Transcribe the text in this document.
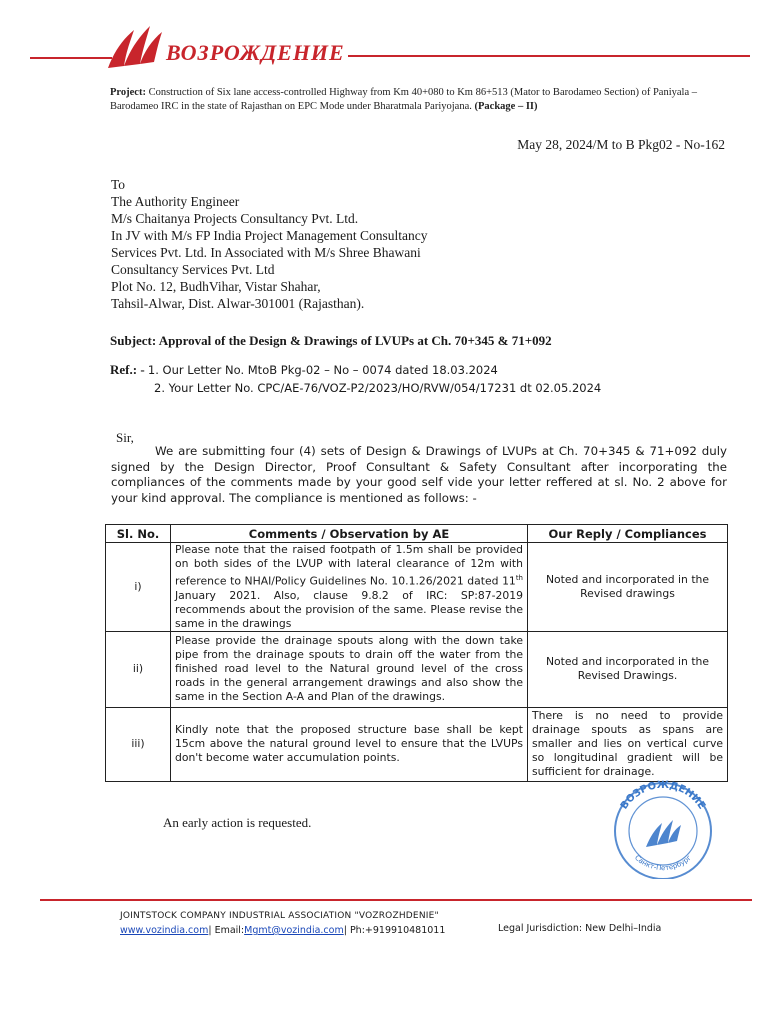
ВОЗРОЖДЕНИЕ
Project: Construction of Six lane access-controlled Highway from Km 40+080 to Km 86+513 (Mator to Barodameo Section) of Paniyala – Barodameo IRC in the state of Rajasthan on EPC Mode under Bharatmala Pariyojana. (Package – II)
May 28, 2024/M to B Pkg02 - No-162
To
The Authority Engineer
M/s Chaitanya Projects Consultancy Pvt. Ltd.
In JV with M/s FP India Project Management Consultancy
Services Pvt. Ltd. In Associated with M/s Shree Bhawani
Consultancy Services Pvt. Ltd
Plot No. 12, BudhVihar, Vistar Shahar,
Tahsil-Alwar, Dist. Alwar-301001 (Rajasthan).
Subject: Approval of the Design & Drawings of LVUPs at Ch. 70+345 & 71+092
Ref.: - 1. Our Letter No. MtoB Pkg-02 – No – 0074 dated 18.03.2024
2. Your Letter No. CPC/AE-76/VOZ-P2/2023/HO/RVW/054/17231 dt 02.05.2024
Sir,
We are submitting four (4) sets of Design & Drawings of LVUPs at Ch. 70+345 & 71+092 duly signed by the Design Director, Proof Consultant & Safety Consultant after incorporating the compliances of the comments made by your good self vide your letter reffered at sl. No. 2 above for your kind approval. The compliance is mentioned as follows: -
Sl. No.	Comments / Observation by AE	Our Reply / Compliances
i)	Please note that the raised footpath of 1.5m shall be provided on both sides of the LVUP with lateral clearance of 12m with reference to NHAI/Policy Guidelines No. 10.1.26/2021 dated 11th January 2021. Also, clause 9.8.2 of IRC: SP:87-2019 recommends about the provision of the same. Please revise the same in the drawings	Noted and incorporated in the Revised drawings
ii)	Please provide the drainage spouts along with the down take pipe from the drainage spouts to drain off the water from the finished road level to the Natural ground level of the cross roads in the general arrangement drawings and also show the same in the Section A-A and Plan of the drawings.	Noted and incorporated in the Revised Drawings.
iii)	Kindly note that the proposed structure base shall be kept 15cm above the natural ground level to ensure that the LVUPs don't become water accumulation points.	There is no need to provide drainage spouts as spans are smaller and lies on vertical curve so longitudinal gradient will be sufficient for drainage.
An early action is requested.
ВОЗРОЖДЕНИЕ
Санкт-Петербург
JOINTSTOCK COMPANY INDUSTRIAL ASSOCIATION "VOZROZHDENIE"
www.vozindia.com| Email:Mgmt@vozindia.com| Ph:+919910481011	Legal Jurisdiction: New Delhi–India
